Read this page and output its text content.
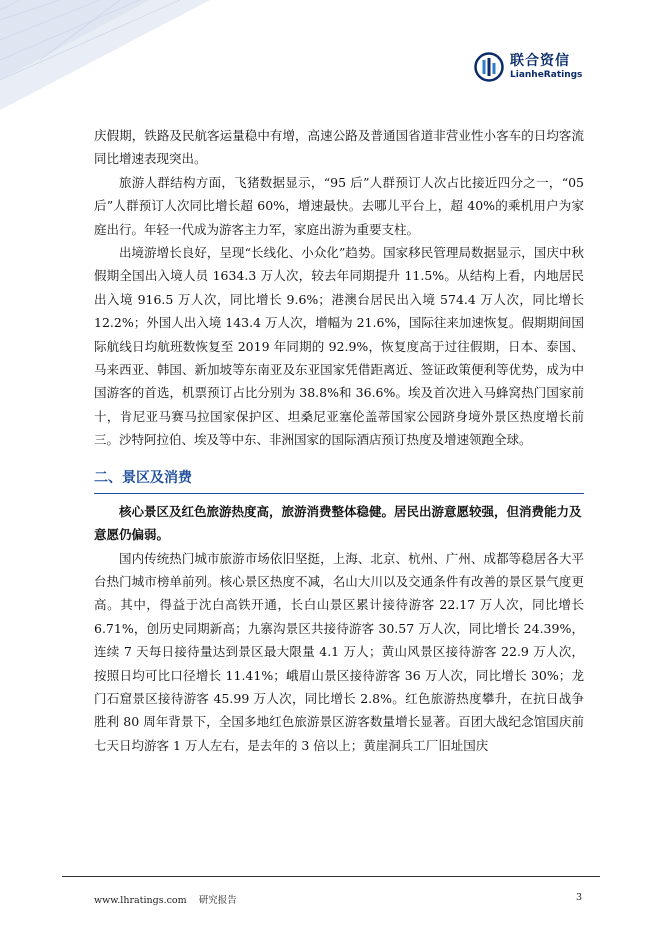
联合资信
LianheRatings

庆假期，铁路及民航客运量稳中有增，高速公路及普通国省道非营业性小客车的日均客流同比增速表现突出。

旅游人群结构方面，飞猪数据显示，“95 后”人群预订人次占比接近四分之一，“05 后”人群预订人次同比增长超 60%，增速最快。去哪儿平台上，超 40%的乘机用户为家庭出行。年轻一代成为游客主力军，家庭出游为重要支柱。

出境游增长良好，呈现“长线化、小众化”趋势。国家移民管理局数据显示，国庆中秋假期全国出入境人员 1634.3 万人次，较去年同期提升 11.5%。从结构上看，内地居民出入境 916.5 万人次，同比增长 9.6%；港澳台居民出入境 574.4 万人次，同比增长 12.2%；外国人出入境 143.4 万人次，增幅为 21.6%，国际往来加速恢复。假期期间国际航线日均航班数恢复至 2019 年同期的 92.9%，恢复度高于过往假期，日本、泰国、马来西亚、韩国、新加坡等东南亚及东亚国家凭借距离近、签证政策便利等优势，成为中国游客的首选，机票预订占比分别为 38.8%和 36.6%。埃及首次进入马蜂窝热门国家前十，肯尼亚马赛马拉国家保护区、坦桑尼亚塞伦盖蒂国家公园跻身境外景区热度增长前三。沙特阿拉伯、埃及等中东、非洲国家的国际酒店预订热度及增速领跑全球。

二、景区及消费

核心景区及红色旅游热度高，旅游消费整体稳健。居民出游意愿较强，但消费能力及意愿仍偏弱。

国内传统热门城市旅游市场依旧坚挺，上海、北京、杭州、广州、成都等稳居各大平台热门城市榜单前列。核心景区热度不减，名山大川以及交通条件有改善的景区景气度更高。其中，得益于沈白高铁开通，长白山景区累计接待游客 22.17 万人次，同比增长 6.71%，创历史同期新高；九寨沟景区共接待游客 30.57 万人次，同比增长 24.39%，连续 7 天每日接待量达到景区最大限量 4.1 万人；黄山风景区接待游客 22.9 万人次，按照日均可比口径增长 11.41%；峨眉山景区接待游客 36 万人次，同比增长 30%；龙门石窟景区接待游客 45.99 万人次，同比增长 2.8%。红色旅游热度攀升，在抗日战争胜利 80 周年背景下，全国多地红色旅游景区游客数量增长显著。百团大战纪念馆国庆前七天日均游客 1 万人左右，是去年的 3 倍以上；黄崖洞兵工厂旧址国庆

www.lhratings.com 研究报告	3
